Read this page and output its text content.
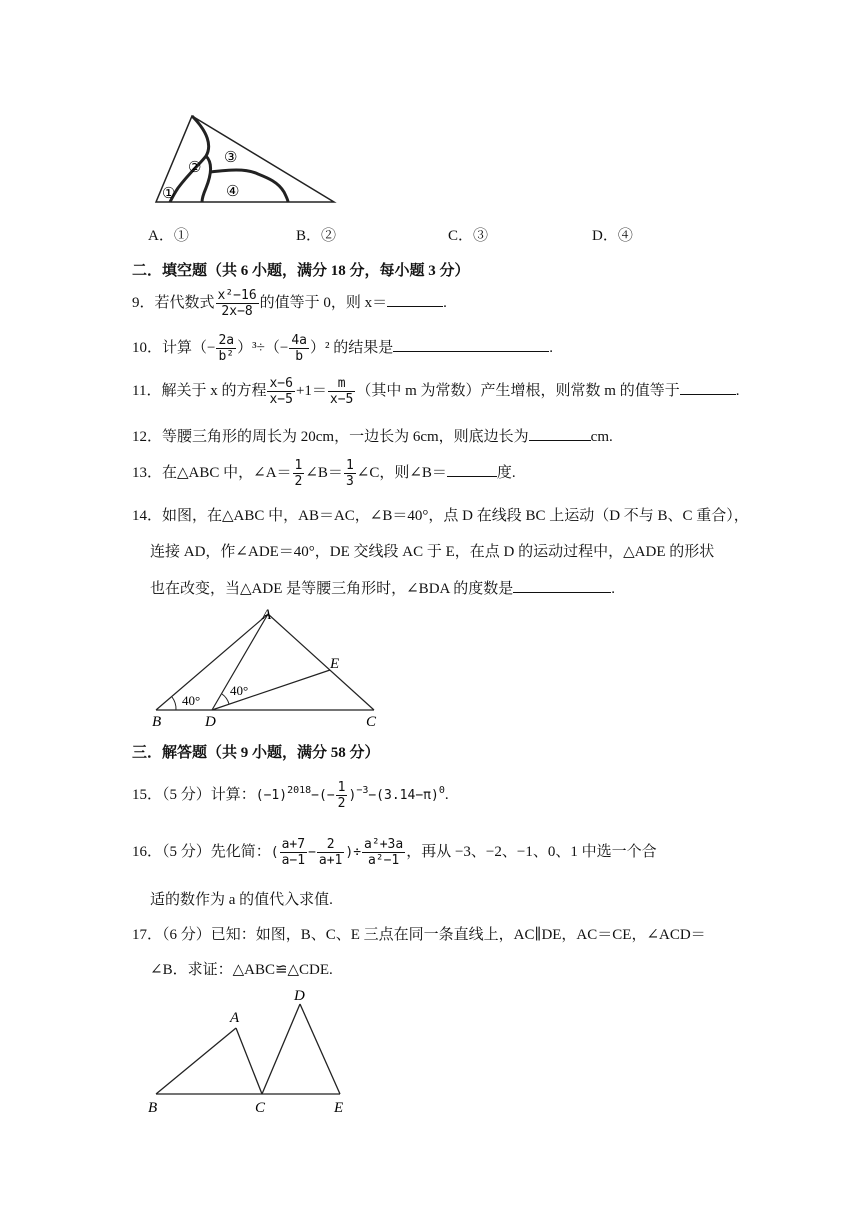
①
②
③
④
A．①	B．②	C．③	D．④
二．填空题（共 6 小题，满分 18 分，每小题 3 分）
9．若代数式 $\frac{\text{x²−16}}{2x-8}$ 的值等于 0，则 x＝	.
10．计算（− $\frac{2a}{\text{b²}} )^3\div(- \frac{4a}{b} )^2$ 的结果是	.
11．解关于 x 的方程 $\frac{x-6}{x-5} +1= \frac{m}{x-5}$ （其中 m 为常数）产生增根，则常数 m 的值等于	.
12．等腰三角形的周长为 20cm，一边长为 6cm，则底边长为	cm.
13．在△ABC 中，∠A＝ $\frac{1}{2}$ ∠B＝ $\frac{1}{3}$ ∠C，则∠B＝	度.
14．如图，在△ABC 中，AB＝AC，∠B＝40°，点 D 在线段 BC 上运动（D 不与 B、C 重合），
连接 AD，作∠ADE＝40°，DE 交线段 AC 于 E，在点 D 的运动过程中，△ADE 的形状
也在改变，当△ADE 是等腰三角形时，∠BDA 的度数是	.
A
B	C
D
E
40°
40°
三．解答题（共 9 小题，满分 58 分）
15．（5 分）计算：$(-1)^{2018}-(- \frac{1}{2} )^{-3}-(3.14-\pi)^0$.
16．（5 分）先化简：( $\frac{a+7}{a-1} - \frac{2}{a+1}$ )÷ $\frac{\text{a²+3a}}{\text{a²−1}}$ ，再从 −3、−2、−1、0、1 中选一个合
适的数作为 a 的值代入求值.
17．（6 分）已知：如图，B、C、E 三点在同一条直线上，AC∥DE，AC＝CE，∠ACD＝
∠B．求证：△ABC≌△CDE.
A
B	C
D
E
